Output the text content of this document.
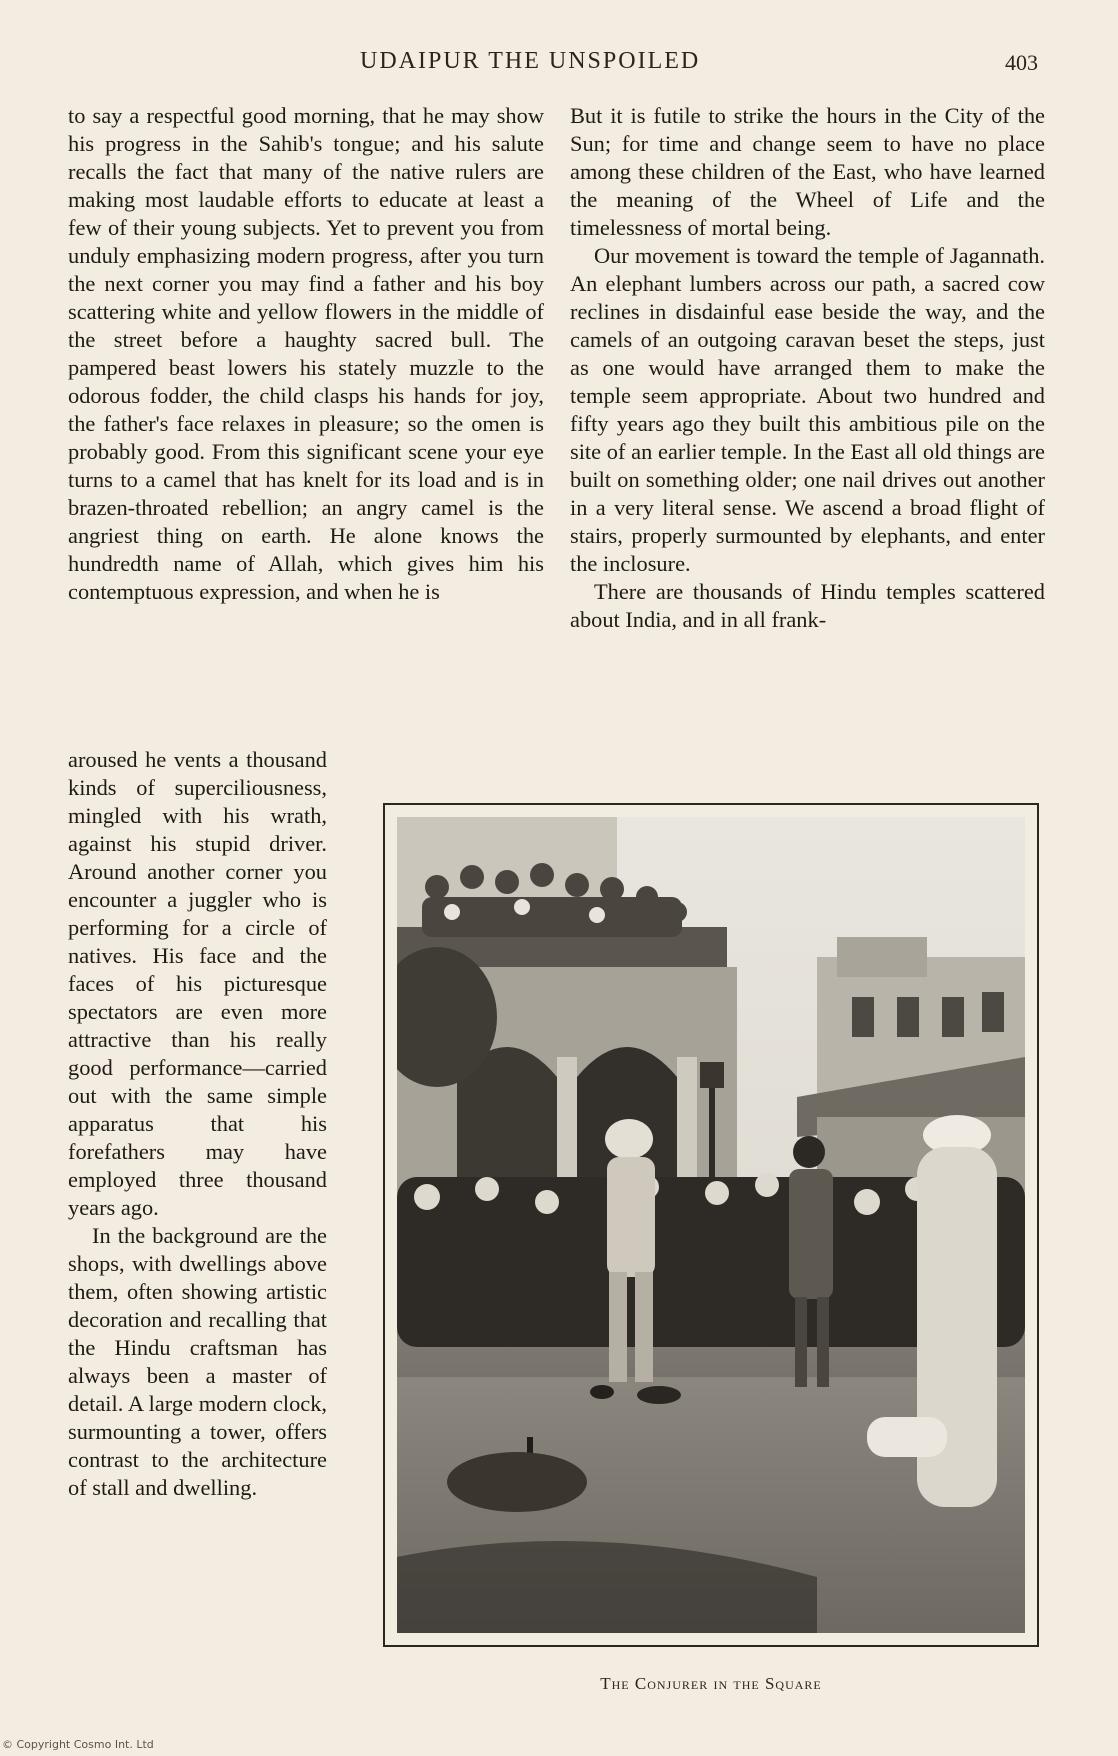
UDAIPUR THE UNSPOILED	403

to say a respectful good morning, that he may show his progress in the Sahib's tongue; and his salute recalls the fact that many of the native rulers are making most laudable efforts to educate at least a few of their young subjects. Yet to prevent you from unduly emphasizing modern progress, after you turn the next corner you may find a father and his boy scattering white and yellow flowers in the middle of the street before a haughty sacred bull. The pampered beast lowers his stately muzzle to the odorous fodder, the child clasps his hands for joy, the father's face relaxes in pleasure; so the omen is probably good. From this significant scene your eye turns to a camel that has knelt for its load and is in brazen-throated rebellion; an angry camel is the angriest thing on earth. He alone knows the hundredth name of Allah, which gives him his contemptuous expression, and when he is

aroused he vents a thousand kinds of superciliousness, mingled with his wrath, against his stupid driver. Around another corner you encounter a juggler who is performing for a circle of natives. His face and the faces of his picturesque spectators are even more attractive than his really good performance—carried out with the same simple apparatus that his forefathers may have employed three thousand years ago.

In the background are the shops, with dwellings above them, often showing artistic decoration and recalling that the Hindu craftsman has always been a master of detail. A large modern clock, surmounting a tower, offers contrast to the architecture of stall and dwelling.

But it is futile to strike the hours in the City of the Sun; for time and change seem to have no place among these children of the East, who have learned the meaning of the Wheel of Life and the timelessness of mortal being.

Our movement is toward the temple of Jagannath. An elephant lumbers across our path, a sacred cow reclines in disdainful ease beside the way, and the camels of an outgoing caravan beset the steps, just as one would have arranged them to make the temple seem appropriate. About two hundred and fifty years ago they built this ambitious pile on the site of an earlier temple. In the East all old things are built on something older; one nail drives out another in a very literal sense. We ascend a broad flight of stairs, properly surmounted by elephants, and enter the inclosure.

There are thousands of Hindu temples scattered about India, and in all frank-

The Conjurer in the Square
© Copyright Cosmo Int. Ltd
